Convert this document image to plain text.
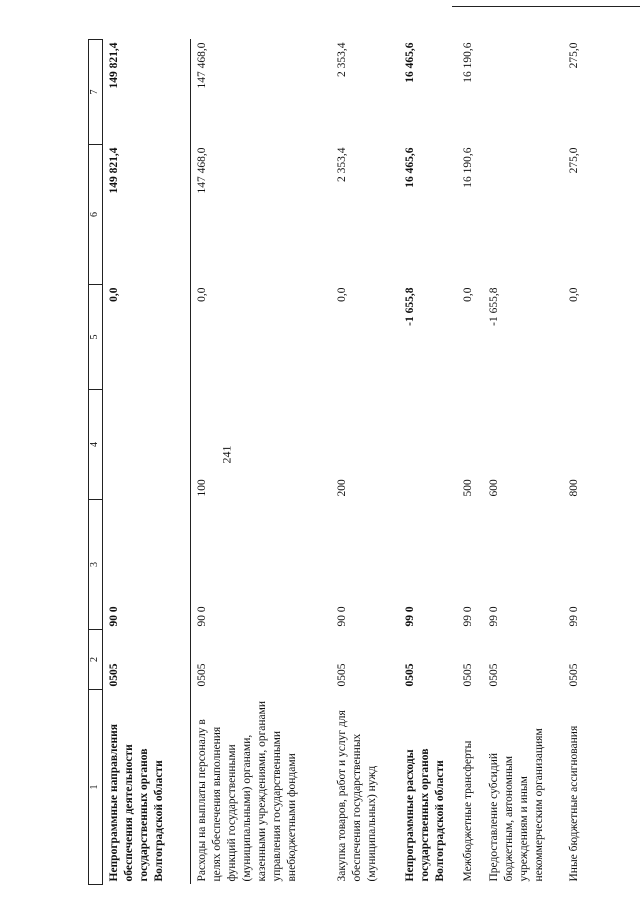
241
1	2	3	4	5	6	7
Непрограммные направления обеспечения деятельности государственных органов Волгоградской области	0505	90 0		0,0	149 821,4	149 821,4
Расходы на выплаты персоналу в целях обеспечения выполнения функций государственными (муниципальными) органами, казенными учреждениями, органами управления государственными внебюджетными фондами	0505	90 0	100	0,0	147 468,0	147 468,0
Закупка товаров, работ и услуг для обеспечения государственных (муниципальных) нужд	0505	90 0	200	0,0	2 353,4	2 353,4
Непрограммные расходы государственных органов Волгоградской области	0505	99 0		-1 655,8	16 465,6	16 465,6
Межбюджетные трансферты	0505	99 0	500	0,0	16 190,6	16 190,6
Предоставление субсидий бюджетным, автономным учреждениям и иным некоммерческим организациям	0505	99 0	600	-1 655,8		
Иные бюджетные ассигнования	0505	99 0	800	0,0	275,0	275,0
